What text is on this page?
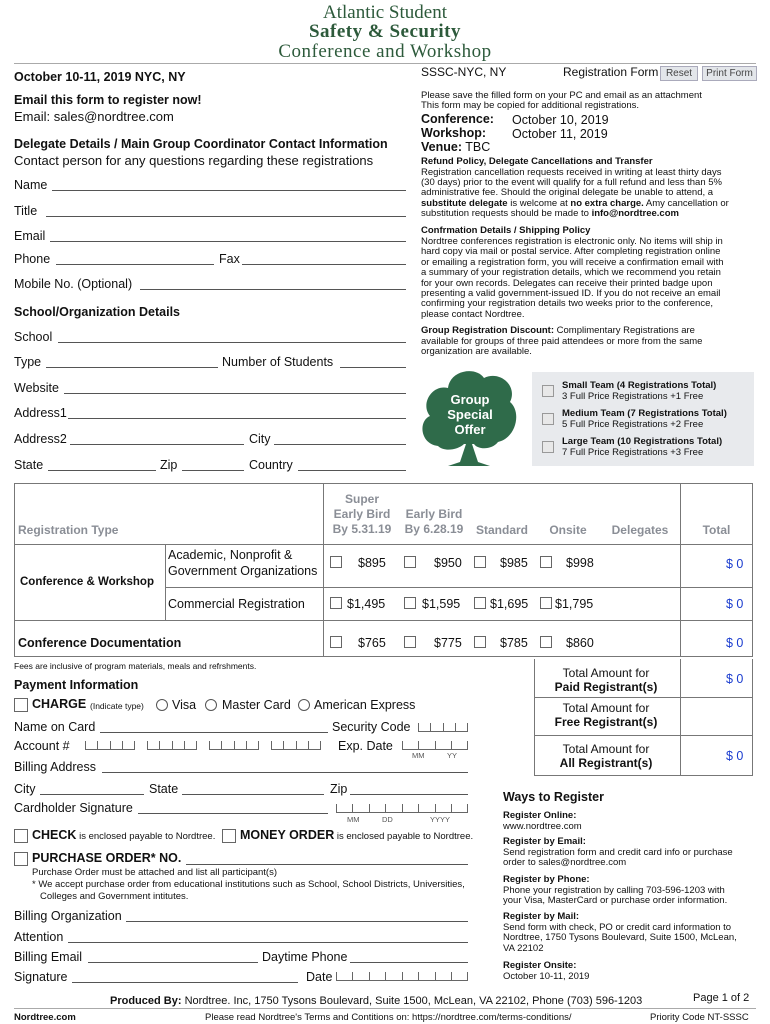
Atlantic Student
Safety & Security
Conference and Workshop
October 10-11, 2019 NYC, NY
Email this form to register now!
Email: sales@nordtree.com
Delegate Details / Main Group Coordinator Contact Information
Contact person for any questions regarding these registrations
Name
Title
Email
Phone	Fax
Mobile No. (Optional)
School/Organization Details
School
Type	Number of Students
Website
Address1
Address2	City
State	Zip	Country
SSSC-NYC, NY	Registration Form Reset	Print Form
Please save the filled form on your PC and email as an attachment
This form may be copied for additional registrations.
Conference: October 10, 2019
Workshop: October 11, 2019
Venue: TBC
Refund Policy, Delegate Cancellations and Transfer
Registration cancellation requests received in writing at least thirty days
(30 days) prior to the event will qualify for a full refund and less than 5%
administrative fee. Should the original delegate be unable to attend, a
substitute delegate is welcome at no extra charge. Amy cancellation or
substitution requests should be made to info@nordtree.com
Confrmation Details / Shipping Policy
Nordtree conferences registration is electronic only. No items will ship in
hard copy via mail or postal service. After completing registration online
or emailing a registration form, you will receive a confirmation email with
a summary of your registration details, which we recommend you retain
for your own records. Delegates can receive their printed badge upon
presenting a valid government-issued ID. If you do not receive an email
confirming your registration details two weeks prior to the conference,
please contact Nordtree.
Group Registration Discount: Complimentary Registrations are
available for groups of three paid attendees or more from the same
organization are available.
Group
Special
Offer
Small Team (4 Registrations Total)
3 Full Price Registrations +1 Free
Medium Team (7 Registrations Total)
5 Full Price Registrations +2 Free
Large Team (10 Registrations Total)
7 Full Price Registrations +3 Free
Registration Type
Super
Early Bird
By 5.31.19
Early Bird
By 6.28.19	Standard	Onsite	Delegates	Total
Conference & Workshop
Academic, Nonprofit &
Government Organizations
$895	$950	$985	$998	$ 0
Commercial Registration	$1,495	$1,595 $1,695 $1,795	$ 0
Conference Documentation	$765	$775	$785	$860	$ 0
Fees are inclusive of program materials, meals and refrshments.	Total Amount for
Paid Registrant(s)
$ 0
Total Amount for
Free Registrant(s)
Total Amount for
All Registrant(s)	$ 0
Payment Information
CHARGE (Indicate type) Visa Master Card American Express
Name on Card	Security Code
Account #	Exp. Date
MM	YY
Billing Address
City	State	Zip
Cardholder Signature
MM	DD	YYYY
CHECK is enclosed payable to Nordtree. MONEY ORDER is enclosed payable to Nordtree.
PURCHASE ORDER* NO.
Purchase Order must be attached and list all participant(s)
* We accept purchase order from educational institutions such as School, School Districts, Universities,
Colleges and Government intitutes.
Billing Organization
Attention
Billing Email	Daytime Phone
Signature	Date
Ways to Register
Register Online:
www.nordtree.com
Register by Email:
Send registration form and credit card info or purchase
order to sales@nordtree.com
Register by Phone:
Phone your registration by calling 703-596-1203 with
your Visa, MasterCard or purchase order information.
Register by Mail:
Send form with check, PO or credit card information to
Nordtree, 1750 Tysons Boulevard, Suite 1500, McLean,
VA 22102
Register Onsite:
October 10-11, 2019
Produced By: Nordtree. Inc, 1750 Tysons Boulevard, Suite 1500, McLean, VA 22102, Phone (703) 596-1203	Page 1 of 2
Nordtree.com	Please read Nordtree's Terms and Contitions on: https://nordtree.com/terms-conditions/	Priority Code NT-SSSC
